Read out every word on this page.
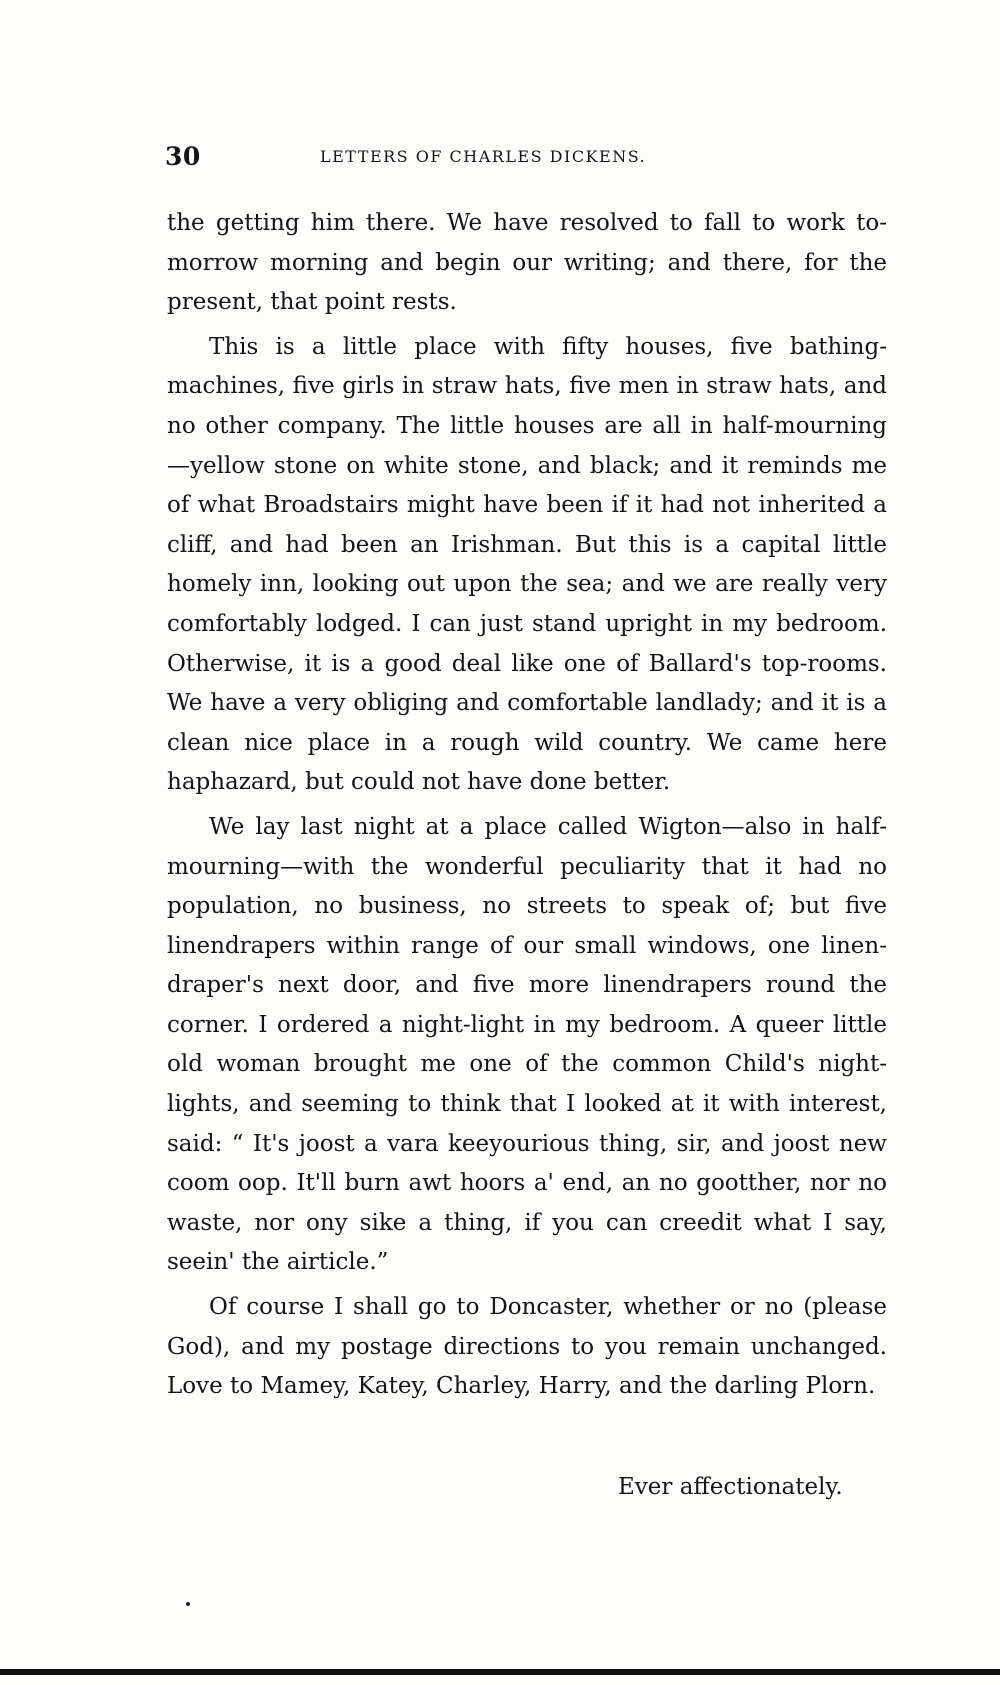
30	LETTERS OF CHARLES DICKENS.

the getting him there. We have resolved to fall to work to-morrow morning and begin our writing; and there, for the present, that point rests.

This is a little place with fifty houses, five bathing-machines, five girls in straw hats, five men in straw hats, and no other company. The little houses are all in half-mourning—yellow stone on white stone, and black; and it reminds me of what Broadstairs might have been if it had not inherited a cliff, and had been an Irishman. But this is a capital little homely inn, looking out upon the sea; and we are really very comfortably lodged. I can just stand upright in my bedroom. Otherwise, it is a good deal like one of Ballard's top-rooms. We have a very obliging and comfortable landlady; and it is a clean nice place in a rough wild country. We came here haphazard, but could not have done better.

We lay last night at a place called Wigton—also in half-mourning—with the wonderful peculiarity that it had no population, no business, no streets to speak of; but five linendrapers within range of our small windows, one linen-draper's next door, and five more linendrapers round the corner. I ordered a night-light in my bedroom. A queer little old woman brought me one of the common Child's night-lights, and seeming to think that I looked at it with interest, said: “ It's joost a vara keeyourious thing, sir, and joost new coom oop. It'll burn awt hoors a' end, an no gootther, nor no waste, nor ony sike a thing, if you can creedit what I say, seein' the airticle.”

Of course I shall go to Doncaster, whether or no (please God), and my postage directions to you remain unchanged. Love to Mamey, Katey, Charley, Harry, and the darling Plorn.

Ever affectionately.
